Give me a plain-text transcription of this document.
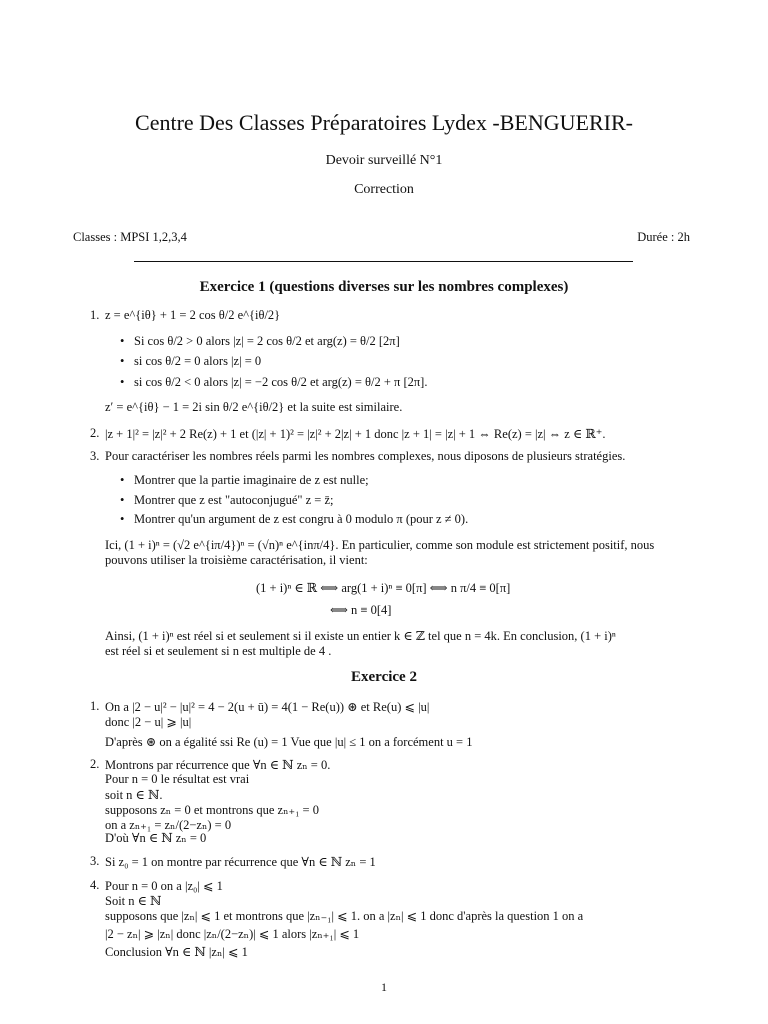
Centre Des Classes Préparatoires Lydex -BENGUERIR-
Devoir surveillé N°1
Correction
Classes : MPSI 1,2,3,4	Durée : 2h
Exercice 1 (questions diverses sur les nombres complexes)
1. z = e^{iθ} + 1 = 2 cos θ/2 e^{iθ/2}
• Si cos θ/2 > 0 alors |z| = 2 cos θ/2 et arg(z) = θ/2 [2π]
• si cos θ/2 = 0 alors |z| = 0
• si cos θ/2 < 0 alors |z| = −2 cos θ/2 et arg(z) = θ/2 + π [2π].
z′ = e^{iθ} − 1 = 2i sin θ/2 e^{iθ/2} et la suite est similaire.
2. |z + 1|² = |z|² + 2 Re(z) + 1 et (|z| + 1)² = |z|² + 2|z| + 1 donc |z + 1| = |z| + 1 ⇔ Re(z) = |z| ⇔ z ∈ ℝ⁺.
3. Pour caractériser les nombres réels parmi les nombres complexes, nous diposons de plusieurs stratégies.
• Montrer que la partie imaginaire de z est nulle;
• Montrer que z est "autoconjugué" z = z̄;
• Montrer qu'un argument de z est congru à 0 modulo π (pour z ≠ 0).
Ici, (1 + i)ⁿ = (√2 e^{iπ/4})ⁿ = (√n)ⁿ e^{inπ/4}. En particulier, comme son module est strictement positif, nous
pouvons utiliser la troisième caractérisation, il vient:
(1 + i)ⁿ ∈ ℝ ⟺ arg(1 + i)ⁿ ≡ 0[π] ⟺ n π/4 ≡ 0[π]
⟺ n ≡ 0[4]
Ainsi, (1 + i)ⁿ est réel si et seulement si il existe un entier k ∈ ℤ tel que n = 4k. En conclusion, (1 + i)ⁿ
est réel si et seulement si n est multiple de 4 .
Exercice 2
1. On a |2 − u|² − |u|² = 4 − 2(u + ū) = 4(1 − Re(u)) ⊛ et Re(u) ⩽ |u|
donc |2 − u| ⩾ |u|
D'après ⊛ on a égalité ssi Re (u) = 1 Vue que |u| ≤ 1 on a forcément u = 1
2. Montrons par récurrence que ∀n ∈ ℕ zₙ = 0.
Pour n = 0 le résultat est vrai
soit n ∈ ℕ.
supposons zₙ = 0 et montrons que zₙ₊₁ = 0
on a zₙ₊₁ = zₙ/(2−zₙ) = 0
D'où ∀n ∈ ℕ zₙ = 0
3. Si z₀ = 1 on montre par récurrence que ∀n ∈ ℕ zₙ = 1
4. Pour n = 0 on a |z₀| ⩽ 1
Soit n ∈ ℕ
supposons que |zₙ| ⩽ 1 et montrons que |zₙ₋₁| ⩽ 1. on a |zₙ| ⩽ 1 donc d'après la question 1 on a
|2 − zₙ| ⩾ |zₙ| donc |zₙ/(2−zₙ)| ⩽ 1 alors |zₙ₊₁| ⩽ 1
Conclusion ∀n ∈ ℕ |zₙ| ⩽ 1
1
